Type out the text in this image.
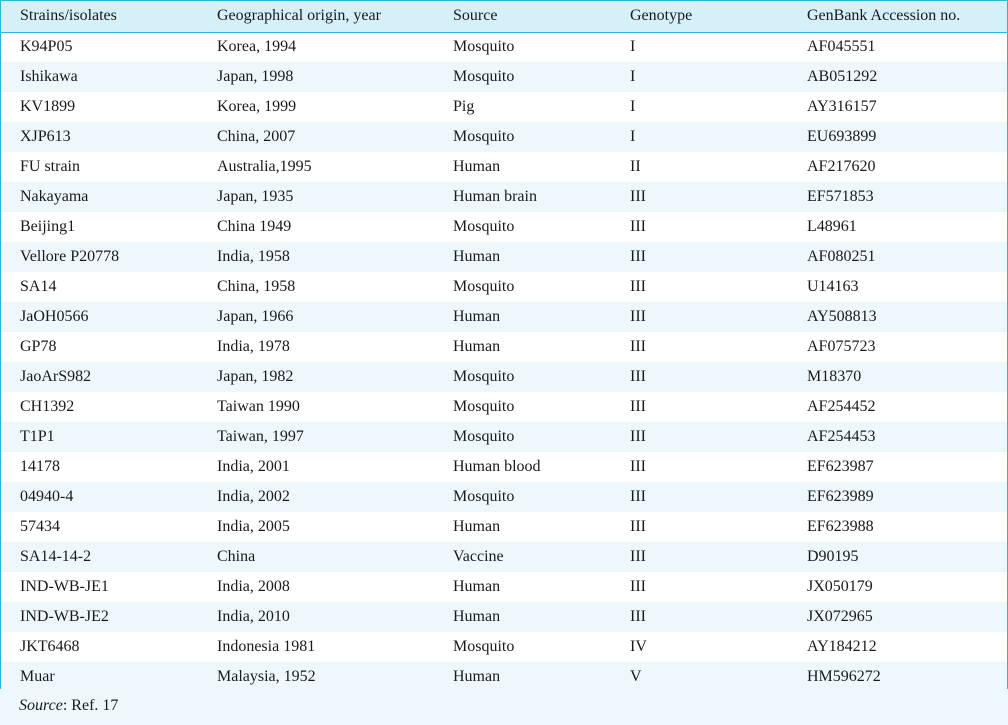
Strains/isolates	Geographical origin, year	Source	Genotype	GenBank Accession no.
K94P05	Korea, 1994	Mosquito	I	AF045551
Ishikawa	Japan, 1998	Mosquito	I	AB051292
KV1899	Korea, 1999	Pig	I	AY316157
XJP613	China, 2007	Mosquito	I	EU693899
FU strain	Australia,1995	Human	II	AF217620
Nakayama	Japan, 1935	Human brain	III	EF571853
Beijing1	China 1949	Mosquito	III	L48961
Vellore P20778	India, 1958	Human	III	AF080251
SA14	China, 1958	Mosquito	III	U14163
JaOH0566	Japan, 1966	Human	III	AY508813
GP78	India, 1978	Human	III	AF075723
JaoArS982	Japan, 1982	Mosquito	III	M18370
CH1392	Taiwan 1990	Mosquito	III	AF254452
T1P1	Taiwan, 1997	Mosquito	III	AF254453
14178	India, 2001	Human blood	III	EF623987
04940-4	India, 2002	Mosquito	III	EF623989
57434	India, 2005	Human	III	EF623988
SA14-14-2	China	Vaccine	III	D90195
IND-WB-JE1	India, 2008	Human	III	JX050179
IND-WB-JE2	India, 2010	Human	III	JX072965
JKT6468	Indonesia 1981	Mosquito	IV	AY184212
Muar	Malaysia, 1952	Human	V	HM596272
Source: Ref. 17
